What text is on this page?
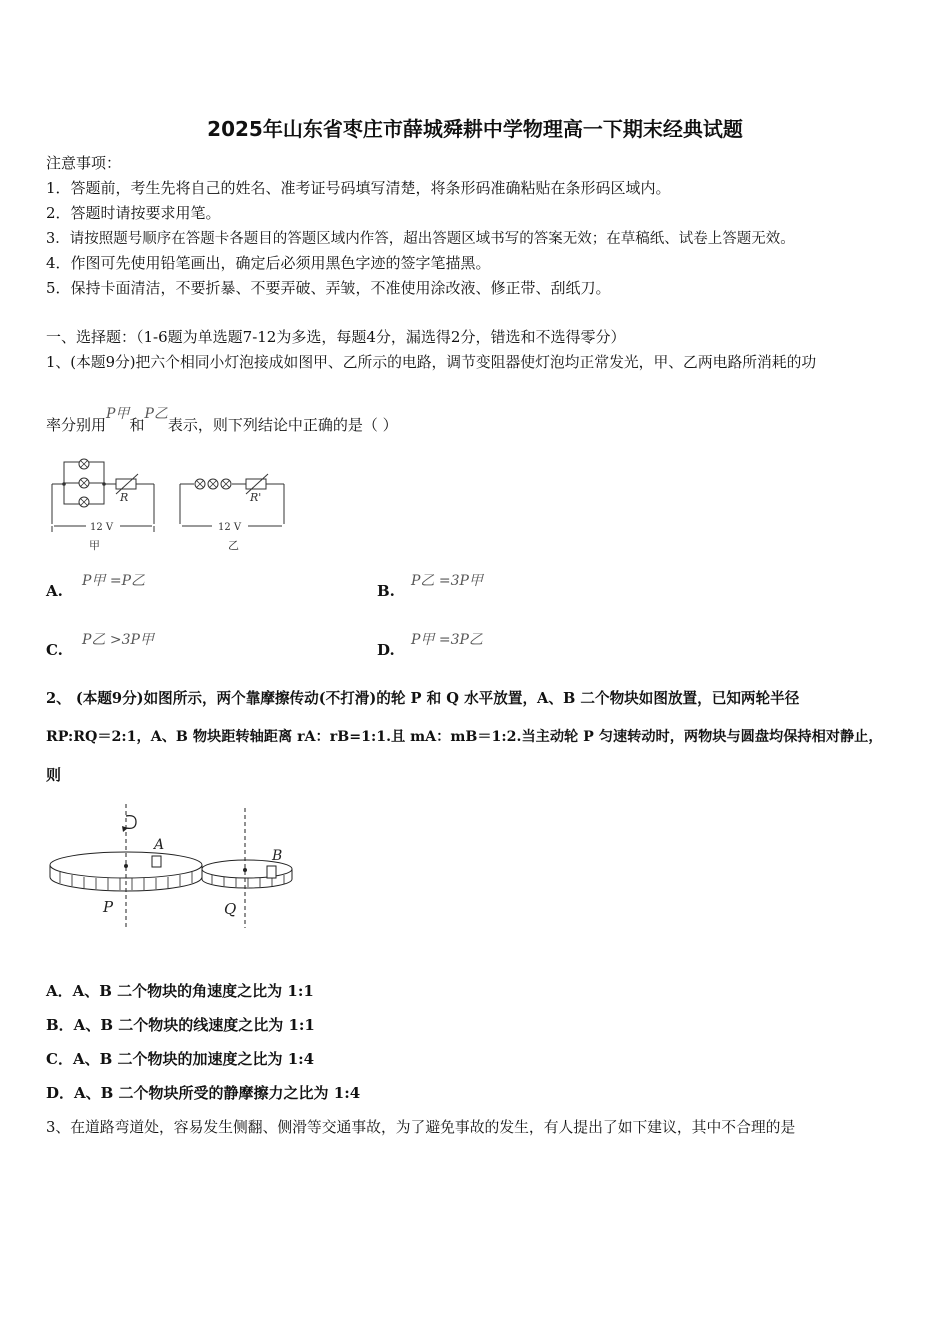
2025年山东省枣庄市薛城舜耕中学物理高一下期末经典试题
注意事项：
1．答题前，考生先将自己的姓名、准考证号码填写清楚，将条形码准确粘贴在条形码区域内。
2．答题时请按要求用笔。
3．请按照题号顺序在答题卡各题目的答题区域内作答，超出答题区域书写的答案无效；在草稿纸、试卷上答题无效。
4．作图可先使用铅笔画出，确定后必须用黑色字迹的签字笔描黑。
5．保持卡面清洁，不要折暴、不要弄破、弄皱，不准使用涂改液、修正带、刮纸刀。
一、选择题：（1-6题为单选题7-12为多选，每题4分，漏选得2分，错选和不选得零分）
1、(本题9分)把六个相同小灯泡接成如图甲、乙所示的电路，调节变阻器使灯泡均正常发光，甲、乙两电路所消耗的功
率分别用P甲和P乙表示，则下列结论中正确的是（ ）
R	R'
12 V	12 V
甲	乙
A.
P甲 =P乙
B.
P乙 =3P甲
C.
P乙 >3P甲
D.
P甲 =3P乙
2、 (本题9分)如图所示，两个靠摩擦传动(不打滑)的轮 P 和 Q 水平放置，A、B 二个物块如图放置，已知两轮半径
RP:RQ＝2:1，A、B 物块距转轴距离 rA：rB=1:1.且 mA：mB＝1:2.当主动轮 P 匀速转动时，两物块与圆盘均保持相对静止，
则
A
B
P	Q
A．A、B 二个物块的角速度之比为 1:1
B．A、B 二个物块的线速度之比为 1:1
C．A、B 二个物块的加速度之比为 1:4
D．A、B 二个物块所受的静摩擦力之比为 1:4
3、在道路弯道处，容易发生侧翻、侧滑等交通事故，为了避免事故的发生，有人提出了如下建议，其中不合理的是
